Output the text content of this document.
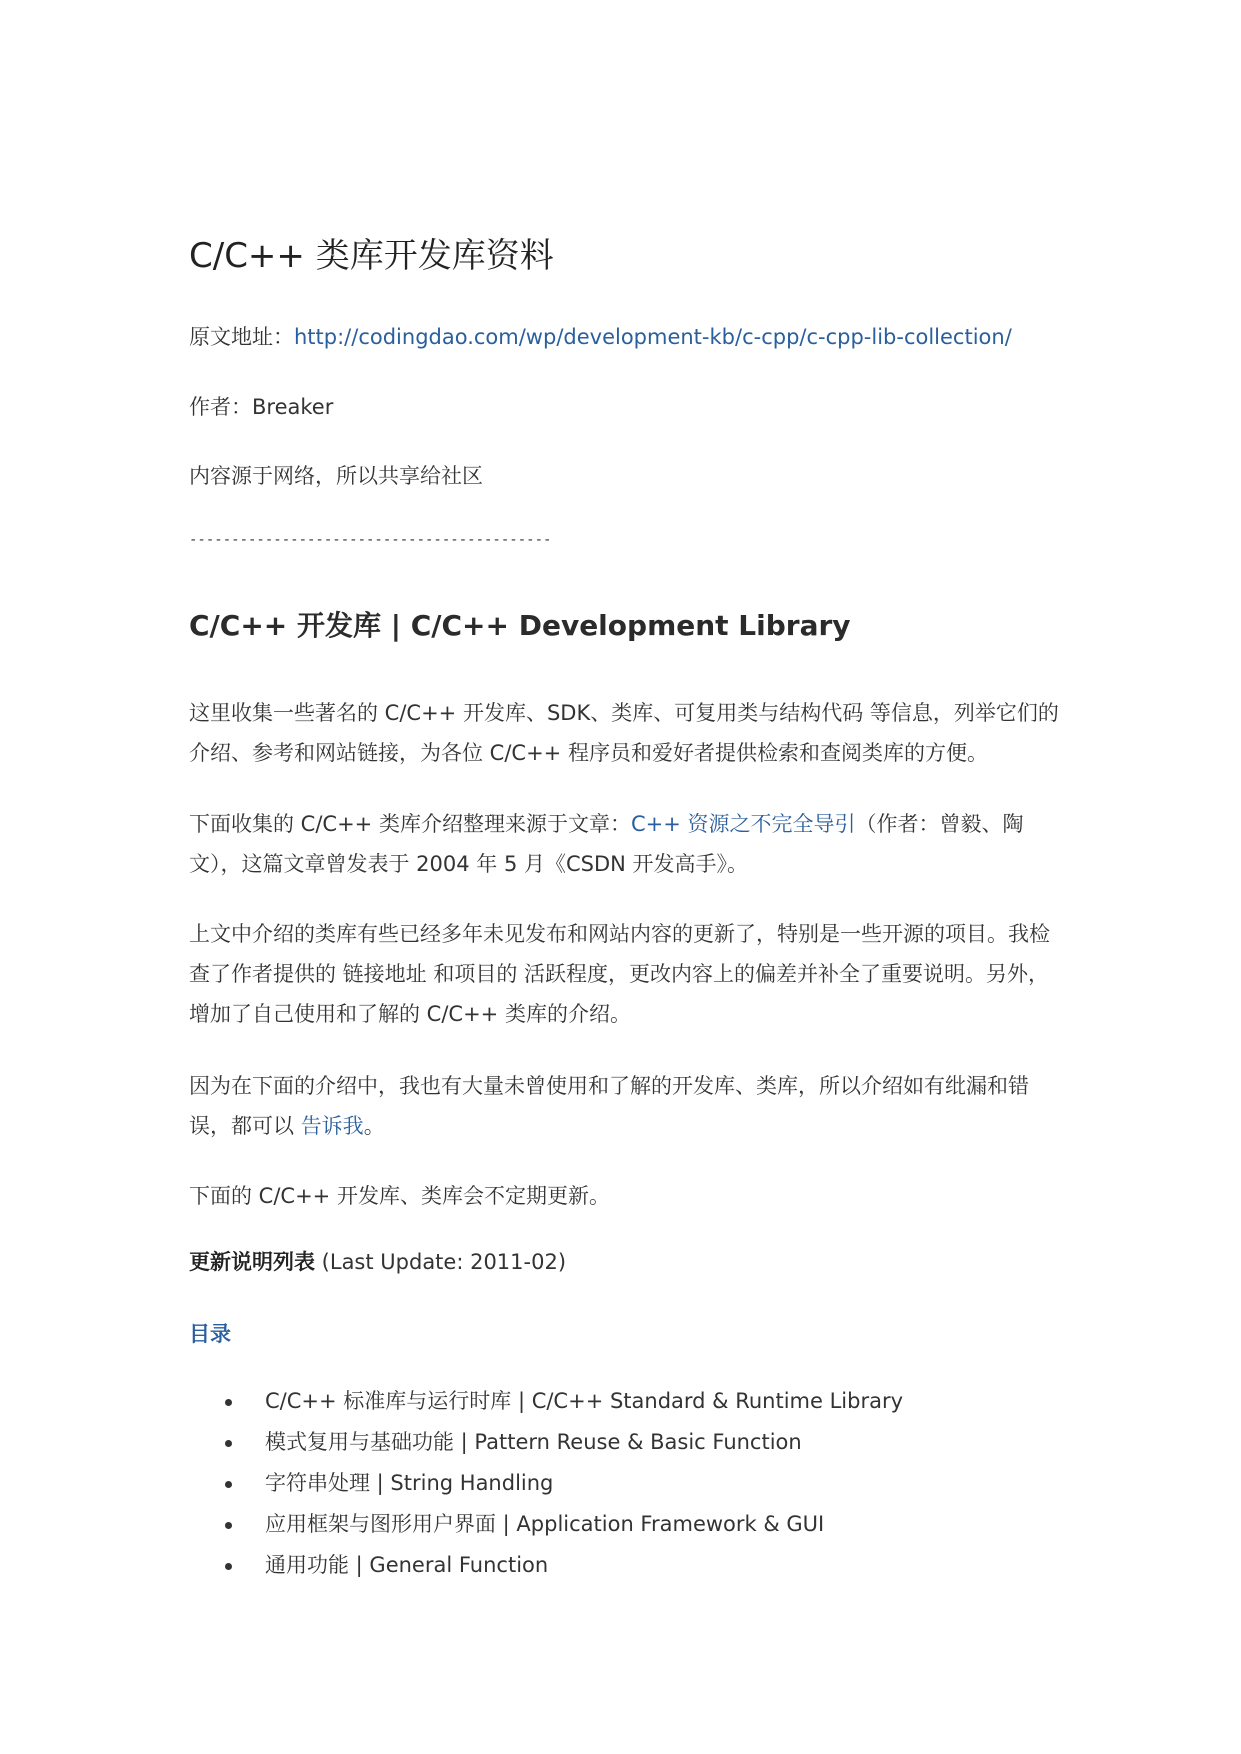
C/C++ 类库开发库资料

原文地址：http://codingdao.com/wp/development-kb/c-cpp/c-cpp-lib-collection/

作者：Breaker

内容源于网络，所以共享给社区

-------------------------------------------
C/C++ 开发库 | C/C++ Development Library

这里收集一些著名的 C/C++ 开发库、SDK、类库、可复用类与结构代码 等信息，列举它们的介绍、参考和网站链接，为各位 C/C++ 程序员和爱好者提供检索和查阅类库的方便。

下面收集的 C/C++ 类库介绍整理来源于文章：C++ 资源之不完全导引（作者：曾毅、陶文），这篇文章曾发表于 2004 年 5 月《CSDN 开发高手》。

上文中介绍的类库有些已经多年未见发布和网站内容的更新了，特别是一些开源的项目。我检查了作者提供的 链接地址 和项目的 活跃程度，更改内容上的偏差并补全了重要说明。另外，增加了自己使用和了解的 C/C++ 类库的介绍。

因为在下面的介绍中，我也有大量未曾使用和了解的开发库、类库，所以介绍如有纰漏和错误，都可以 告诉我。

下面的 C/C++ 开发库、类库会不定期更新。

更新说明列表 (Last Update: 2011-02)

目录
C/C++ 标准库与运行时库 | C/C++ Standard & Runtime Library
模式复用与基础功能 | Pattern Reuse & Basic Function
字符串处理 | String Handling
应用框架与图形用户界面 | Application Framework & GUI
通用功能 | General Function
